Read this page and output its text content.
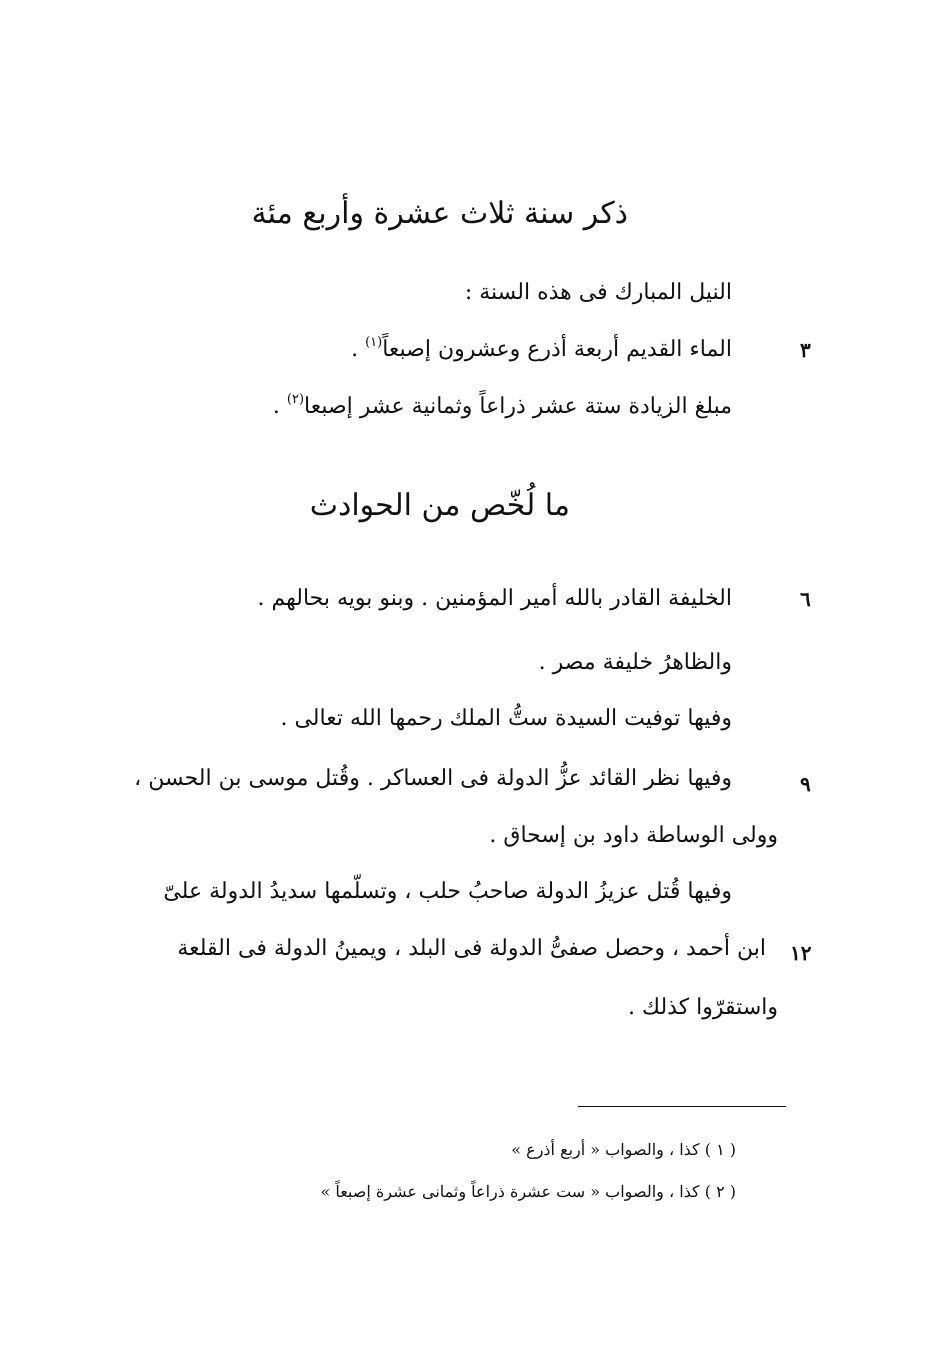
ذكر سنة ثلاث عشرة وأربع مئة
النيل المبارك فى هذه السنة :
الماء القديم أربعة أذرع وعشرون إصبعاً$^{(١)}$ .
مبلغ الزيادة ستة عشر ذراعاً وثمانية عشر إصبعا$^{(٢)}$ .
ما لُخّص من الحوادث
الخليفة القادر بالله أمير المؤمنين . وبنو بويه بحالهم .
والظاهرُ خليفة مصر .
وفيها توفيت السيدة ستُّ الملك رحمها الله تعالى .
وفيها نظر القائد عزُّ الدولة فى العساكر . وقُتل موسى بن الحسن ،
وولى الوساطة داود بن إسحاق .
وفيها قُتل عزيزُ الدولة صاحبُ حلب ، وتسلّمها سديدُ الدولة علىّ
ابن أحمد ، وحصل صفىُّ الدولة فى البلد ، ويمينُ الدولة فى القلعة
واستقرّوا كذلك .
٣
٦
٩
١٢
( ١ ) كذا ، والصواب « أربع أذرع »
( ٢ ) كذا ، والصواب « ست عشرة ذراعاً وثمانى عشرة إصبعاً »
